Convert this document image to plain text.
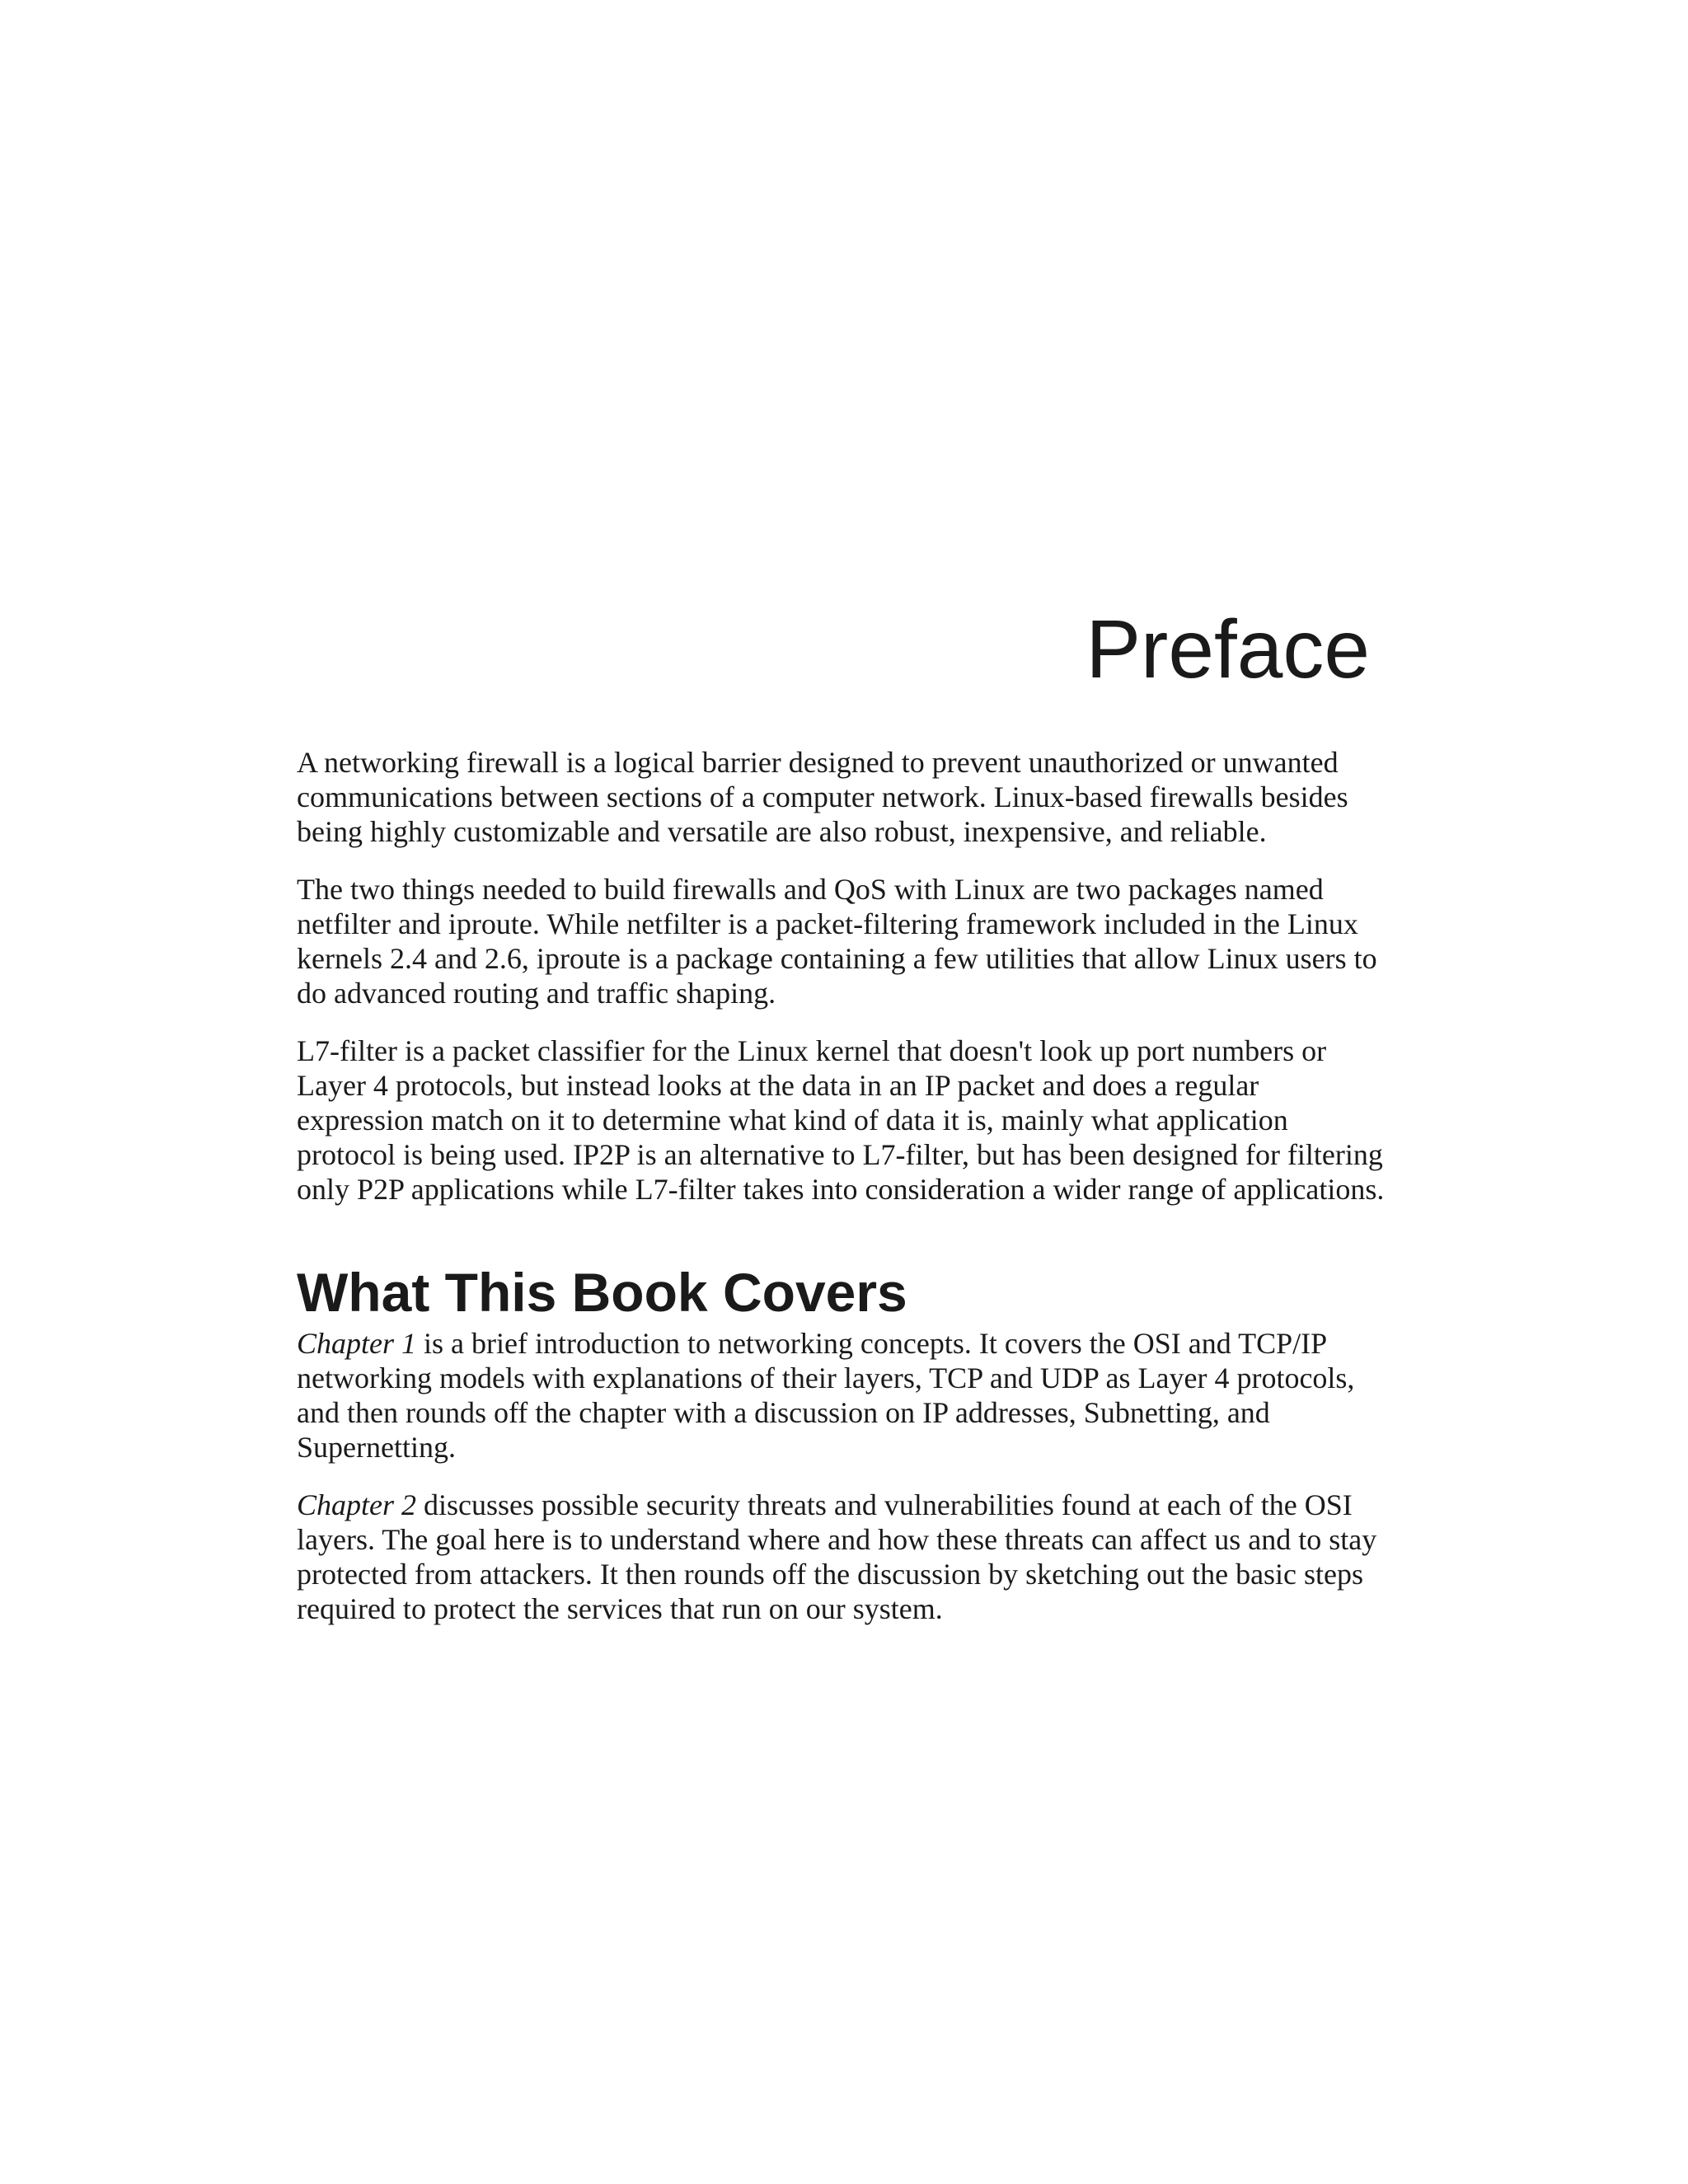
Preface

A networking firewall is a logical barrier designed to prevent unauthorized or unwanted communications between sections of a computer network. Linux-based firewalls besides being highly customizable and versatile are also robust, inexpensive, and reliable.

The two things needed to build firewalls and QoS with Linux are two packages named netfilter and iproute. While netfilter is a packet-filtering framework included in the Linux kernels 2.4 and 2.6, iproute is a package containing a few utilities that allow Linux users to do advanced routing and traffic shaping.

L7-filter is a packet classifier for the Linux kernel that doesn't look up port numbers or Layer 4 protocols, but instead looks at the data in an IP packet and does a regular expression match on it to determine what kind of data it is, mainly what application protocol is being used. IP2P is an alternative to L7-filter, but has been designed for filtering only P2P applications while L7-filter takes into consideration a wider range of applications.

What This Book Covers

Chapter 1 is a brief introduction to networking concepts. It covers the OSI and TCP/IP networking models with explanations of their layers, TCP and UDP as Layer 4 protocols, and then rounds off the chapter with a discussion on IP addresses, Subnetting, and Supernetting.

Chapter 2 discusses possible security threats and vulnerabilities found at each of the OSI layers. The goal here is to understand where and how these threats can affect us and to stay protected from attackers. It then rounds off the discussion by sketching out the basic steps required to protect the services that run on our system.
